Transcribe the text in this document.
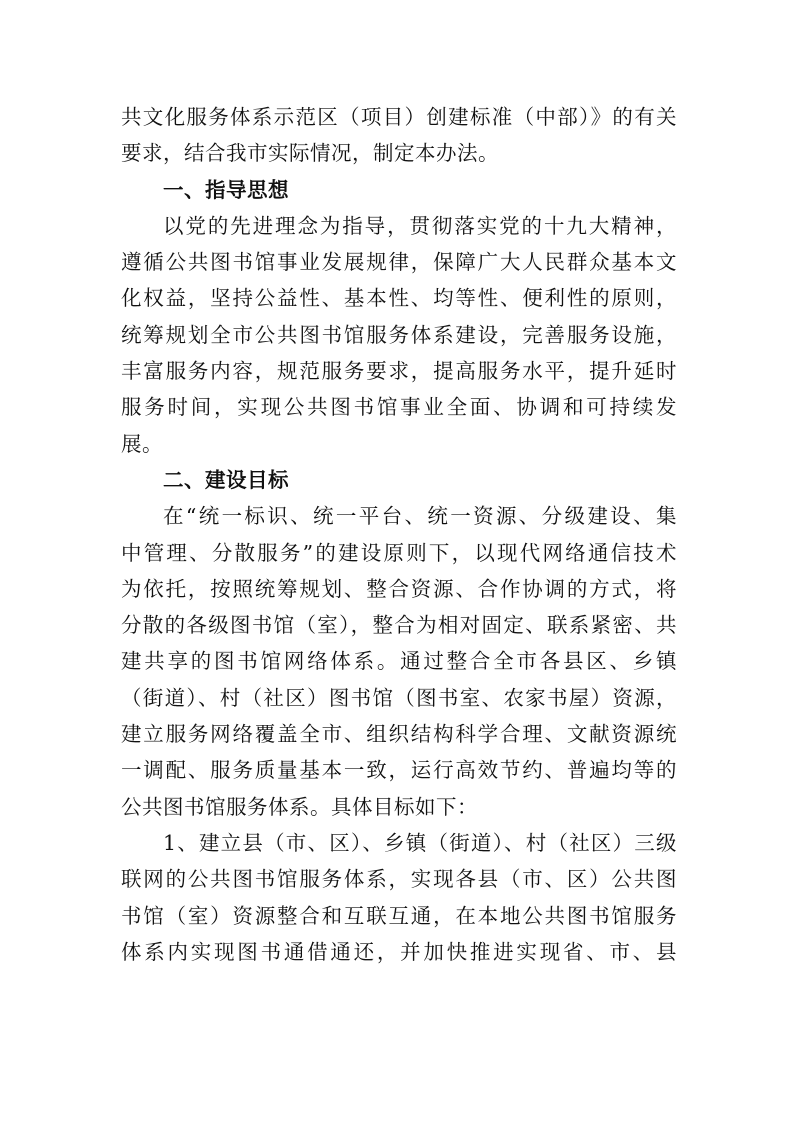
共文化服务体系示范区（项目）创建标准（中部）》的有关
要求，结合我市实际情况，制定本办法。
一、指导思想
以党的先进理念为指导，贯彻落实党的十九大精神，
遵循公共图书馆事业发展规律，保障广大人民群众基本文
化权益，坚持公益性、基本性、均等性、便利性的原则，
统筹规划全市公共图书馆服务体系建设，完善服务设施，
丰富服务内容，规范服务要求，提高服务水平，提升延时
服务时间，实现公共图书馆事业全面、协调和可持续发
展。
二、建设目标
在“统一标识、统一平台、统一资源、分级建设、集
中管理、分散服务”的建设原则下，以现代网络通信技术
为依托，按照统筹规划、整合资源、合作协调的方式，将
分散的各级图书馆（室），整合为相对固定、联系紧密、共
建共享的图书馆网络体系。通过整合全市各县区、乡镇
（街道）、村（社区）图书馆（图书室、农家书屋）资源，
建立服务网络覆盖全市、组织结构科学合理、文献资源统
一调配、服务质量基本一致，运行高效节约、普遍均等的
公共图书馆服务体系。具体目标如下：
1、建立县（市、区）、乡镇（街道）、村（社区）三级
联网的公共图书馆服务体系，实现各县（市、区）公共图
书馆（室）资源整合和互联互通，在本地公共图书馆服务
体系内实现图书通借通还，并加快推进实现省、市、县
